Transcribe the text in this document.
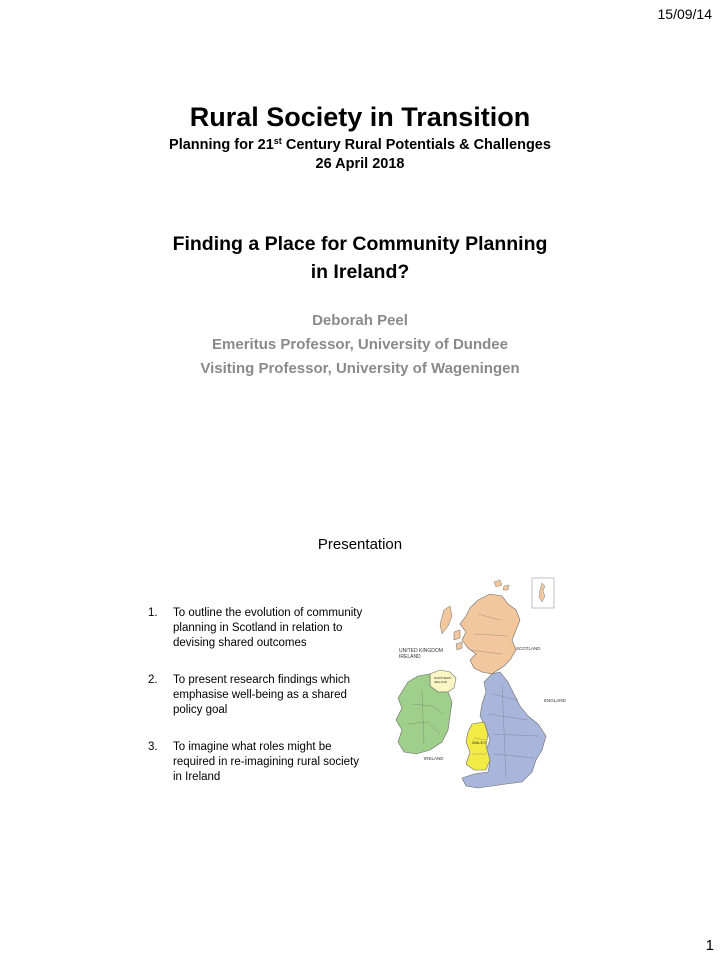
15/09/14
Rural Society in Transition

Planning for 21st Century Rural Potentials & Challenges

26 April 2018

Finding a Place for Community Planning
in Ireland?
Deborah Peel
Emeritus Professor, University of Dundee
Visiting Professor, University of Wageningen
Presentation
1. To outline the evolution of community planning in Scotland in relation to devising shared outcomes
2. To present research findings which emphasise well-being as a shared policy goal
3. To imagine what roles might be required in re-imagining rural society in Ireland
UNITED KINGDOM
IRELAND
SCOTLAND
NORTHERN
IRELAND
ENGLAND
WALES
IRELAND
1
